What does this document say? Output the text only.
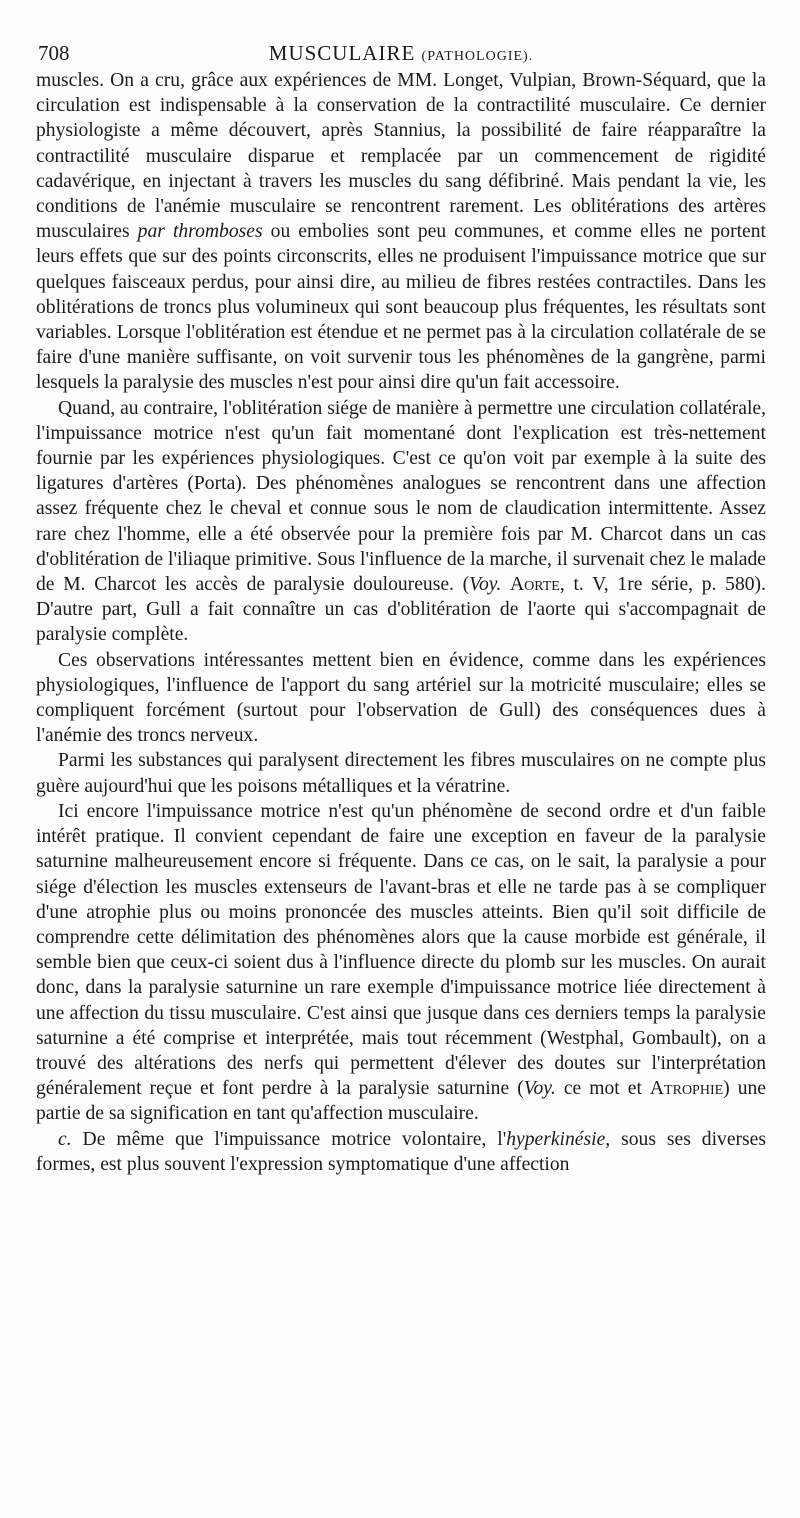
708	MUSCULAIRE (PATHOLOGIE).

muscles. On a cru, grâce aux expériences de MM. Longet, Vulpian, Brown-Séquard, que la circulation est indispensable à la conservation de la contractilité musculaire. Ce dernier physiologiste a même découvert, après Stannius, la possibilité de faire réapparaître la contractilité musculaire disparue et remplacée par un commencement de rigidité cadavérique, en injectant à travers les muscles du sang défibriné. Mais pendant la vie, les conditions de l'anémie musculaire se rencontrent rarement. Les oblitérations des artères musculaires par thromboses ou embolies sont peu communes, et comme elles ne portent leurs effets que sur des points circonscrits, elles ne produisent l'impuissance motrice que sur quelques faisceaux perdus, pour ainsi dire, au milieu de fibres restées contractiles. Dans les oblitérations de troncs plus volumineux qui sont beaucoup plus fréquentes, les résultats sont variables. Lorsque l'oblitération est étendue et ne permet pas à la circulation collatérale de se faire d'une manière suffisante, on voit survenir tous les phénomènes de la gangrène, parmi lesquels la paralysie des muscles n'est pour ainsi dire qu'un fait accessoire.

Quand, au contraire, l'oblitération siége de manière à permettre une circulation collatérale, l'impuissance motrice n'est qu'un fait momentané dont l'explication est très-nettement fournie par les expériences physiologiques. C'est ce qu'on voit par exemple à la suite des ligatures d'artères (Porta). Des phénomènes analogues se rencontrent dans une affection assez fréquente chez le cheval et connue sous le nom de claudication intermittente. Assez rare chez l'homme, elle a été observée pour la première fois par M. Charcot dans un cas d'oblitération de l'iliaque primitive. Sous l'influence de la marche, il survenait chez le malade de M. Charcot les accès de paralysie douloureuse. (Voy. Aorte, t. V, 1re série, p. 580). D'autre part, Gull a fait connaître un cas d'oblitération de l'aorte qui s'accompagnait de paralysie complète.

Ces observations intéressantes mettent bien en évidence, comme dans les expériences physiologiques, l'influence de l'apport du sang artériel sur la motricité musculaire; elles se compliquent forcément (surtout pour l'observation de Gull) des conséquences dues à l'anémie des troncs nerveux.

Parmi les substances qui paralysent directement les fibres musculaires on ne compte plus guère aujourd'hui que les poisons métalliques et la vératrine.

Ici encore l'impuissance motrice n'est qu'un phénomène de second ordre et d'un faible intérêt pratique. Il convient cependant de faire une exception en faveur de la paralysie saturnine malheureusement encore si fréquente. Dans ce cas, on le sait, la paralysie a pour siége d'élection les muscles extenseurs de l'avant-bras et elle ne tarde pas à se compliquer d'une atrophie plus ou moins prononcée des muscles atteints. Bien qu'il soit difficile de comprendre cette délimitation des phénomènes alors que la cause morbide est générale, il semble bien que ceux-ci soient dus à l'influence directe du plomb sur les muscles. On aurait donc, dans la paralysie saturnine un rare exemple d'impuissance motrice liée directement à une affection du tissu musculaire. C'est ainsi que jusque dans ces derniers temps la paralysie saturnine a été comprise et interprétée, mais tout récemment (Westphal, Gombault), on a trouvé des altérations des nerfs qui permettent d'élever des doutes sur l'interprétation généralement reçue et font perdre à la paralysie saturnine (Voy. ce mot et Atrophie) une partie de sa signification en tant qu'affection musculaire.

c. De même que l'impuissance motrice volontaire, l'hyperkinésie, sous ses diverses formes, est plus souvent l'expression symptomatique d'une affection
